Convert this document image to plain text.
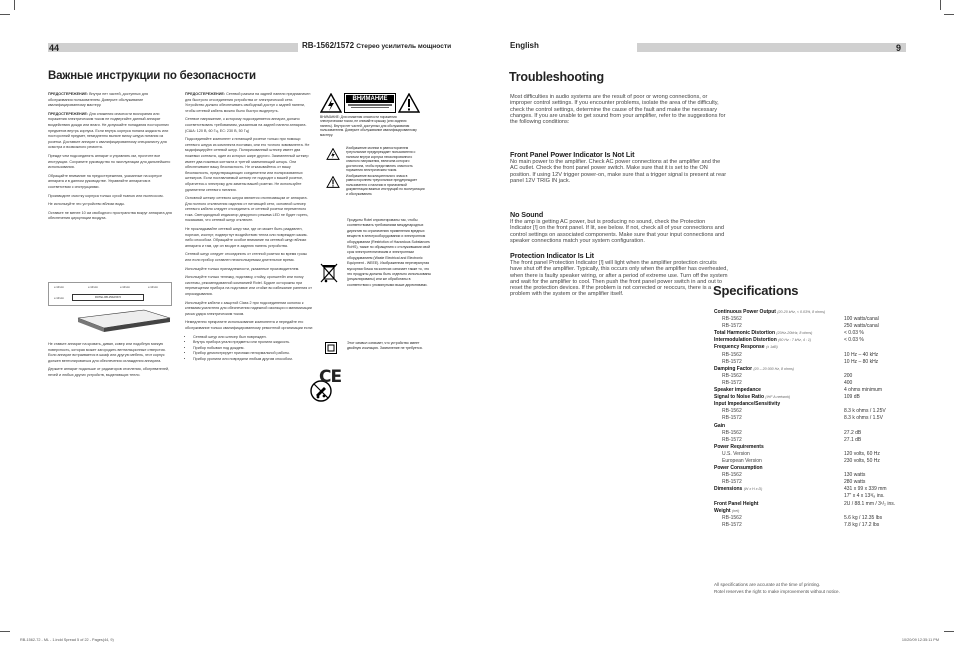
44	RB-1562/1572 Стерео усилитель мощности
Важные инструкции по безопасности

ПРЕДОСТЕРЕЖЕНИЕ: Внутри нет частей, доступных для обслуживания пользователем. Доверьте обслуживание квалифицированному мастеру.

ПРЕДОСТЕРЕЖЕНИЕ: Для снижения опасности возгорания или поражения электрическим током не подвергайте данный аппарат воздействию дождя или влаги. Не допускайте попадания посторонних предметов внутрь корпуса. Если внутрь корпуса попала жидкость или посторонний предмет, немедленно выньте вилку шнура питания из розетки. Доставьте аппарат к квалифицированному специалисту для осмотра и возможного ремонта.

Прежде чем подсоединять аппарат и управлять им, прочтите все инструкции. Сохраните руководство по эксплуатации для дальнейшего использования.

Обращайте внимание на предостережения, указанные на корпусе аппарата и в данном руководстве. Управляйте аппаратом в соответствии с инструкциями.

Производите очистку корпуса только сухой тканью или пылесосом.

Не используйте это устройство вблизи воды.

Оставьте не менее 10 см свободного пространства вокруг аппарата для обеспечения циркуляции воздуха.

ROTEL RB-1562/1572
≥ 10 cm	≥ 10 cm	≥ 10 cm	≥ 10 cm
≥ 10 cm

Не ставьте аппарат на кровать, диван, ковер или подобную мягкую поверхность, которая может загородить вентиляционные отверстия. Если аппарат встраивается в шкаф или другую мебель, этот корпус должен вентилироваться для обеспечения охлаждения аппарата.

Держите аппарат подальше от радиаторов отопления, обогревателей, печей и любых других устройств, выделяющих тепло.

ПРЕДОСТЕРЕЖЕНИЕ: Сетевой разъем на задней панели предназначен для быстрого отсоединения устройства от электрической сети. Устройство должно обеспечивать свободный доступ к задней панели, чтобы сетевой кабель можно было быстро выдернуть.

Сетевое напряжение, к которому подсоединяется аппарат, должно соответствовать требованиям, указанным на задней панели аппарата. (США: 120 В, 60 Гц, ЕС: 230 В, 50 Гц)

Подсоединяйте компонент к питающей розетке только при помощи сетевого шнура из комплекта поставки, или его точного эквивалента. Не модифицируйте сетевой шнур. Поляризованный штекер имеет два ножевых контакта, один из которых шире другого. Заземленный штекер имеет два ножевых контакта и третий заземляющий штырь. Они обеспечивают вашу безопасность. Не отказывайтесь от вашу безопасность, предотвращающих соединители или поляризованных штекеров. Если поставляемый штекер не подходит к вашей розетке, обратитесь к электрику для замены вашей розетки. Не используйте удлинители сетевого питания.

Основной штекер сетевого шнура является отключающим от аппарата. Для полного отключения изделия от питающей сети, основной штекер сетевого кабеля следует отсоединить от сетевой розетки переменного тока. Светодиодный индикатор дежурного режима LED не будет гореть, показывая, что сетевой шнур отключен.

Не прокладывайте сетевой шнур там, где он может быть раздавлен, порезан, изогнут, подвергнут воздействию тепла или поврежден каким-либо способом. Обращайте особое внимание на сетевой шнур вблизи аппарата и там, где он входит в заднюю панель устройства.

Сетевой шнур следует отсоединить от стенной розетки во время грозы или если прибор оставлен неиспользуемым длительное время.

Используйте только принадлежности, указанные производителем.

Используйте только тележку, подставку, стойку, кронштейн или полку системы, рекомендованной компанией Rotel. Будьте осторожны при перемещении прибора на подставке или стойке во избежание ранения от опрокидывания.

Используйте кабели с защитой Class 2 при подсоединении колонок к клеммам усилителя для обеспечения надежной изоляции и минимизации риска удара электрическим током.

Немедленно прекратите использование компонента и передайте его обслуживание только квалифицированному ремонтной организации если:

• Сетевой шнур или штекер был поврежден.
• Внутрь прибора упали предметы или пролили жидкость.
• Прибор побывал под дождем.
• Прибор демонстрирует признаки ненормальной работы.
• Прибор уронили или повредили любым другим способом.
ВНИМАНИЕ
ВНИМАНИЕ: Для снижения опасности поражения электрическим током, не снимайте крышку (или заднюю панель). Внутри нет частей, доступных для обслуживания пользователем. Доверьте обслуживание квалифицированному мастеру.
Изображение молнии в равностороннем треугольнике предупреждает пользователя о наличии внутри корпуса неизолированного опасного напряжения, величина которого достаточна, чтобы представлять опасность поражения электрическим током.
Изображение восклицательного знака в равностороннем треугольнике предупреждает пользователя о наличии в прилагаемой документации важных инструкций по эксплуатации и обслуживанию.
Продукты Rotel спроектированы так, чтобы соответствовать требованиям международных директив по ограничению применения вредных веществ в электрооборудовании и электронном оборудовании (Restriction of Hazardous Substances RoHS), также по обращению с отслужившими свой срок электротехническим и электронным оборудованием (Waste Electrical and Electronic Equipment - WEEE). Изображенная перечеркнутая мусорная бочка на колесах означает также то, что это продукты должны быть отдельно использованы (рециклированы) или же обработаны в соответствии с упомянутыми выше директивами.
Этот символ означает, что устройство имеет двойную изоляцию. Заземление не требуется.
CE
English	9
Troubleshooting
Most difficulties in audio systems are the result of poor or wrong connections, or improper control settings. If you encounter problems, isolate the area of the difficulty, check the control settings, determine the cause of the fault and make the necessary changes. If you are unable to get sound from your amplifier, refer to the suggestions for the following conditions:
Front Panel Power Indicator Is Not Lit
No main power to the amplifier. Check AC power connections at the amplifier and the AC outlet. Check the front panel power switch. Make sure that it is set to the ON position. If using 12V trigger power-on, make sure that a trigger signal is present at rear panel 12V TRIG IN jack.
No Sound
If the amp is getting AC power, but is producing no sound, check the Protection Indicator [!] on the front panel. If lit, see below. If not, check all of your connections and control settings on associated components. Make sure that your input connections and speaker connections match your system configuration.
Protection Indicator Is Lit
The front panel Protection Indicator [!] will light when the amplifier protection circuits have shut off the amplifier. Typically, this occurs only when the amplifier has overheated, when there is faulty speaker wiring, or after a period of extreme use. Turn off the system and wait for the amplifier to cool. Then push the front panel power switch in and out to reset the protection devices. If the problem is not corrected or reoccurs, there is a problem with the system or the amplifier itself.	Specifications
Continuous Power Output (20-20 kHz, < 0.03%, 8 ohms)
RB-1562	100 watts/canal
RB-1572	250 watts/canal
Total Harmonic Distortion (20Hz-20kHz, 8 ohms)	< 0.03 %
Intermodulation Distortion (60 Hz : 7 kHz, 4 : 1)	< 0.03 %
Frequency Response (± 1dB)
RB-1562	10 Hz – 40 kHz
RB-1572	10 Hz – 80 kHz
Damping Factor (20 – 20 000 Hz, 8 ohms)
RB-1562	200
RB-1572	400
Speaker impedance	4 ohms minimum
Signal to Noise Ratio (IHF A network)	109 dB
Input Impedance/Sensitivity
RB-1562	8.3 k ohms / 1.25V
RB-1572	8.3 k ohms / 1.5V
Gain
RB-1562	27.2 dB
RB-1572	27.1 dB
Power Requirements
U.S. Version	120 volts, 60 Hz
European Version	230 volts, 50 Hz
Power Consumption
RB-1562	130 watts
RB-1572	280 watts
Dimensions (W x H x D)	431 x 99 x 339 mm
17" x 4 x 13³/₈ ins.
Front Panel Height	2U / 88.1 mm / 3¹/₂ ins.
Weight (net)
RB-1562	5.6 kg / 12.35 lbs
RB-1572	7.8 kg / 17.2 lbs
All specifications are accurate at the time of printing.
Rotel reserves the right to make improvements without notice.
RB-1562-72 - ML - 1.indd Spread 5 of 22 - Pages(44, 9)	10/20/09 12:35:11 PM
